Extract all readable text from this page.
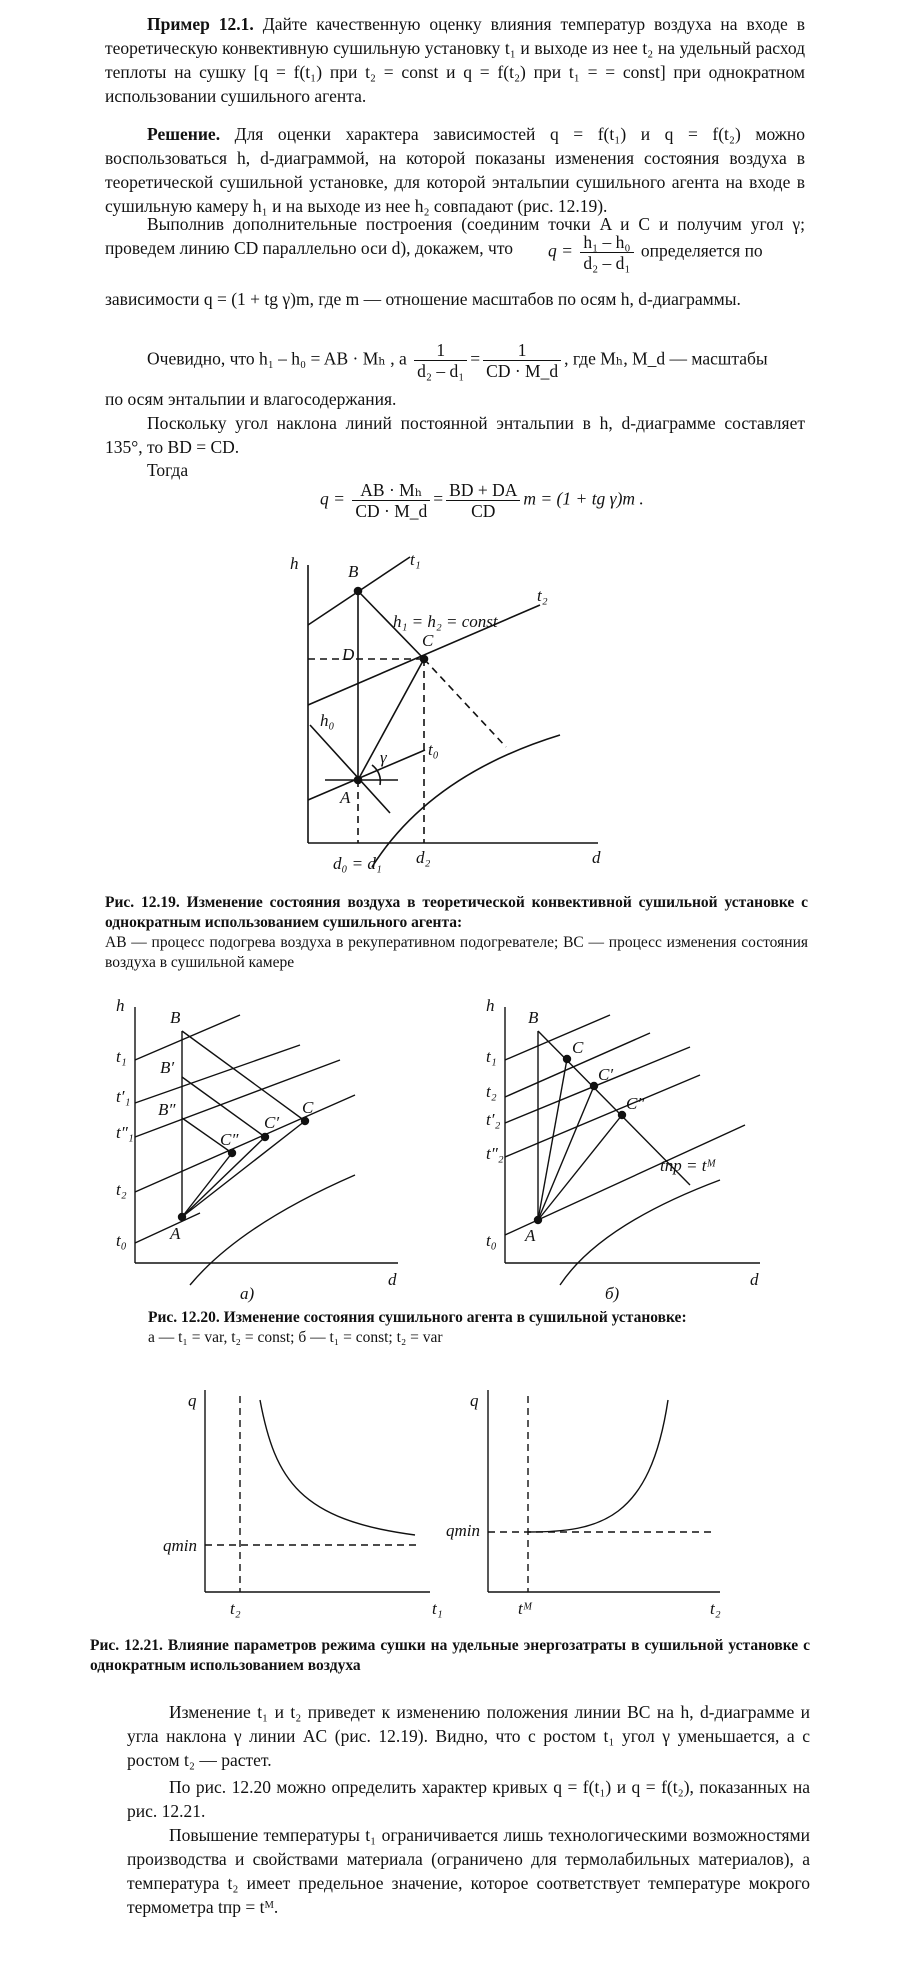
Пример 12.1. Дайте качественную оценку влияния температур воздуха на входе в теоретическую конвективную сушильную установку t₁ и выходе из нее t₂ на удельный расход теплоты на сушку [q = f(t₁) при t₂ = const и q = f(t₂) при t₁ = = const] при однократном использовании сушильного агента.
Решение. Для оценки характера зависимостей q = f(t₁) и q = f(t₂) можно воспользоваться h, d-диаграммой, на которой показаны изменения состояния воздуха в теоретической сушильной установке, для которой энтальпии сушильного агента на входе в сушильную камеру h₁ и на выходе из нее h₂ совпадают (рис. 12.19).
Выполнив дополнительные построения (соединим точки A и C и получим угол γ; проведем линию CD параллельно оси d), докажем, что	$q = \frac{\text{h₁ – h₀}}{\text{d₂ – d₁}}$ определяется по
зависимости q = (1 + tg γ)m, где m — отношение масштабов по осям h, d-диаграммы.
Очевидно, что h₁ – h₀ = AB · Mₕ , а $\frac{1}{\text{d₂ – d₁}} = \frac{1}{CD \cdot M\_d}$ , где Mₕ, M_d — масштабы
по осям энтальпии и влагосодержания.
Поскольку угол наклона линий постоянной энтальпии в h, d-диаграмме составляет 135°, то BD = CD.
Тогда
$q = \frac{\text{AB · Mₕ}}{CD \cdot M\_d} = \frac{BD + DA}{CD}$ m = (1 + tg γ)m .
h	B
t₁
h₁ = h₂ = const
t₂
D
C
h₀
γ t₀
A
d₀ = d₁ d₂	d
Рис. 12.19. Изменение состояния воздуха в теоретической конвективной сушильной установке с однократным использованием сушильного агента:
AB — процесс подогрева воздуха в рекуперативном подогревателе; BC — процесс изменения состояния воздуха в сушильной камере
h
B
B′
B″	C
C′
C″
A
t₁
t′₁
t″₁
t₂
t₀
d
а)
h
B
C
C′
C″
A
t₁
t₂
t′₂
t″₂
t₀
tпр = tᴹ
d
б)
Рис. 12.20. Изменение состояния сушильного агента в сушильной установке:
а — t₁ = var, t₂ = const; б — t₁ = const; t₂ = var
q
qmin
t₂	t₁
q
qmin
tᴹ	t₂
Рис. 12.21. Влияние параметров режима сушки на удельные энергозатраты в сушильной установке с однократным использованием воздуха
Изменение t₁ и t₂ приведет к изменению положения линии BC на h, d-диаграмме и угла наклона γ линии AC (рис. 12.19). Видно, что с ростом t₁ угол γ уменьшается, а с ростом t₂ — растет.
По рис. 12.20 можно определить характер кривых q = f(t₁) и q = f(t₂), показанных на рис. 12.21.
Повышение температуры t₁ ограничивается лишь технологическими возможностями производства и свойствами материала (ограничено для термолабильных материалов), а температура t₂ имеет предельное значение, которое соответствует температуре мокрого термометра tпр = tᴹ.
